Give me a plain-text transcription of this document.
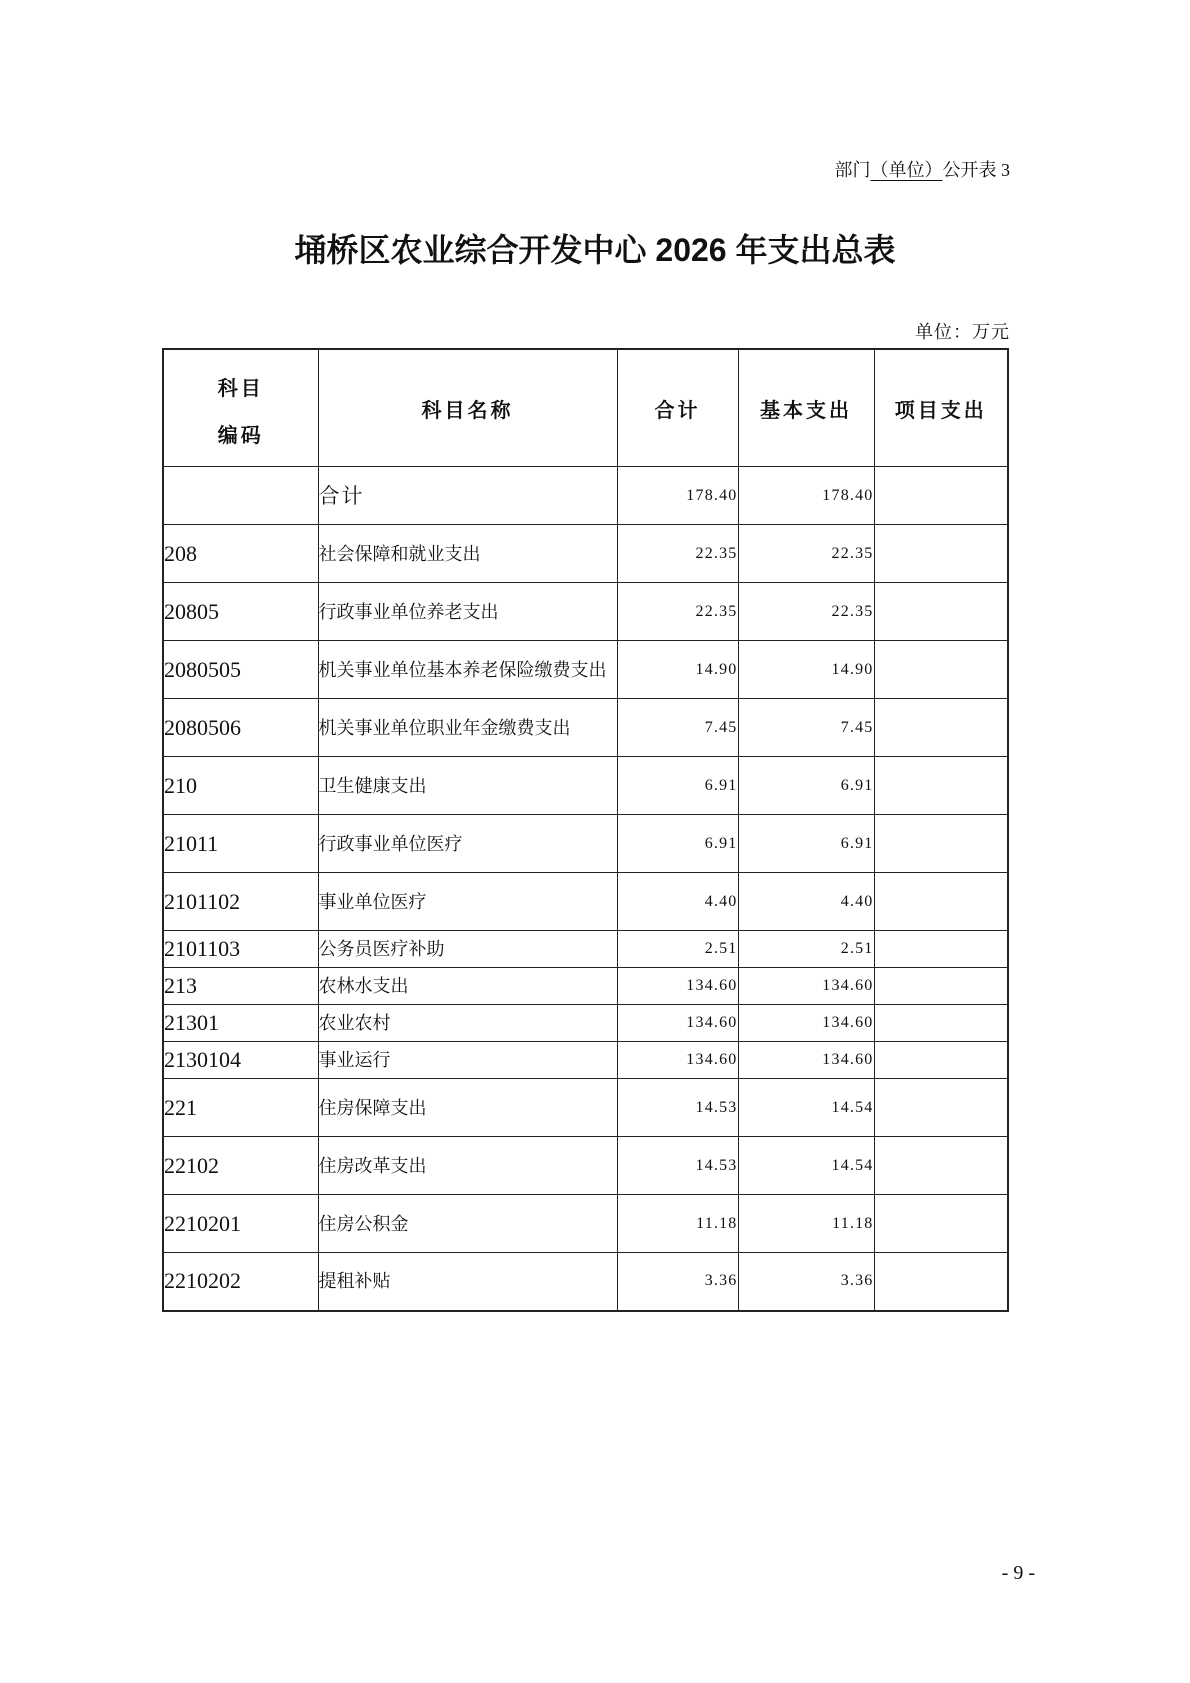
部门（单位）公开表 3
埇桥区农业综合开发中心 2026 年支出总表
单位：万元
科目
编码	科目名称	合计	基本支出	项目支出
	合计	178.40	178.40	
208	社会保障和就业支出	22.35	22.35	
20805	行政事业单位养老支出	22.35	22.35	
2080505	机关事业单位基本养老保险缴费支出	14.90	14.90	
2080506	机关事业单位职业年金缴费支出	7.45	7.45	
210	卫生健康支出	6.91	6.91	
21011	行政事业单位医疗	6.91	6.91	
2101102	事业单位医疗	4.40	4.40	
2101103	公务员医疗补助	2.51	2.51	
213	农林水支出	134.60	134.60	
21301	农业农村	134.60	134.60	
2130104	事业运行	134.60	134.60	
221	住房保障支出	14.53	14.54	
22102	住房改革支出	14.53	14.54	
2210201	住房公积金	11.18	11.18	
2210202	提租补贴	3.36	3.36	
- 9 -
